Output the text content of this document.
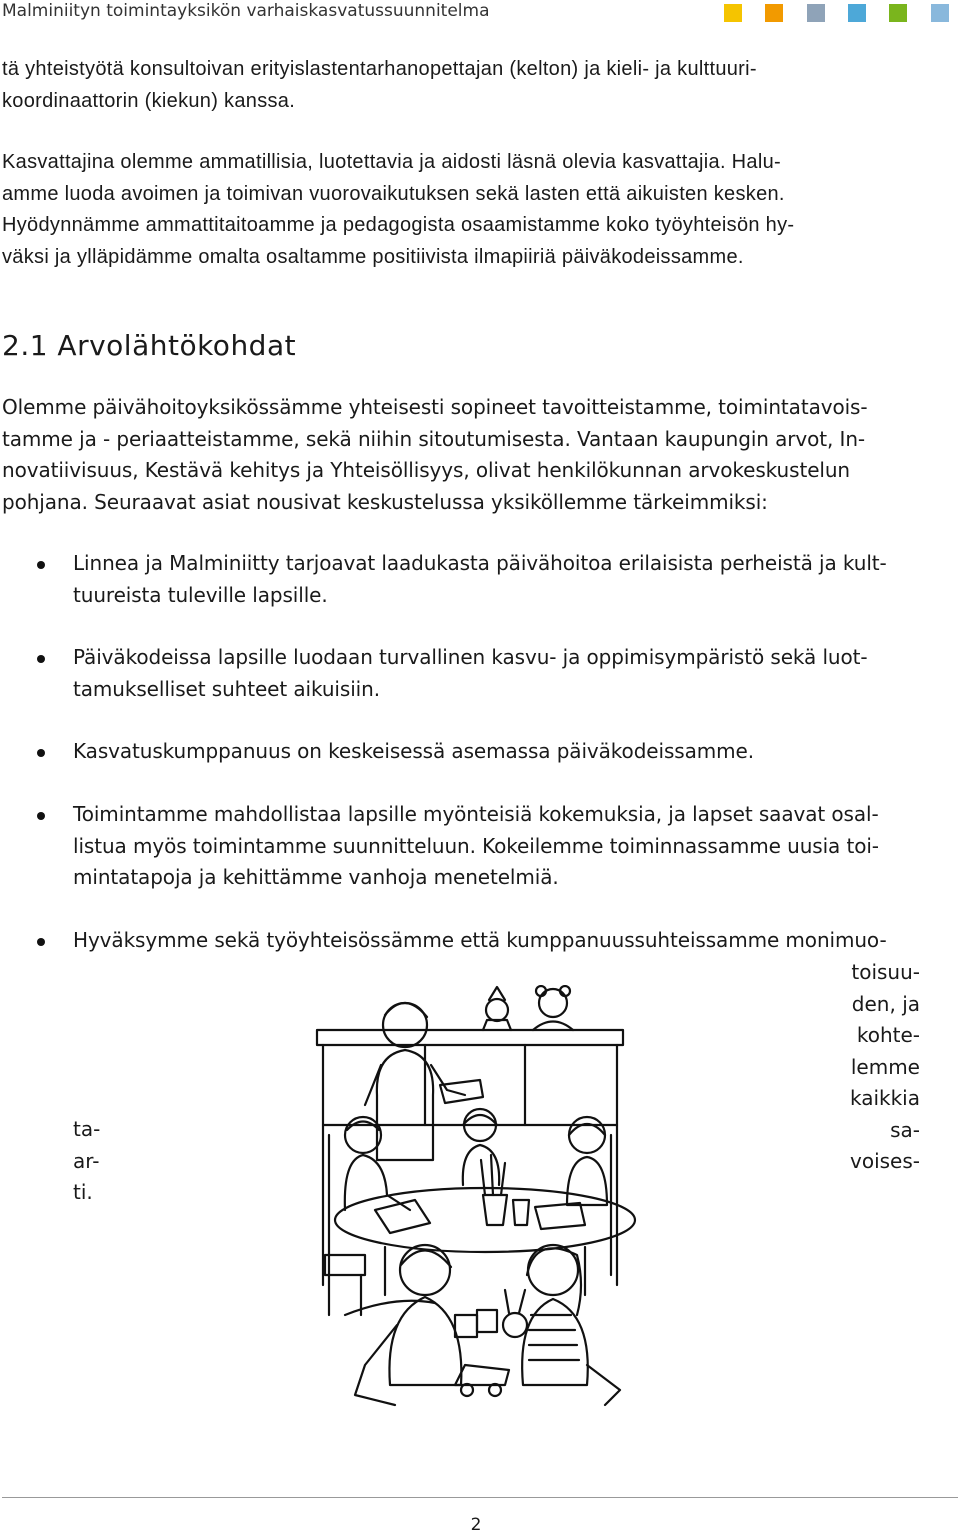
Malminiityn toimintayksikön varhaiskasvatussuunnitelma

tä yhteistyötä konsultoivan erityislastentarhanopettajan (kelton) ja kieli- ja kulttuuri-

koordinaattorin (kiekun) kanssa.

Kasvattajina olemme ammatillisia, luotettavia ja aidosti läsnä olevia kasvattajia. Halu-

amme luoda avoimen ja toimivan vuorovaikutuksen sekä lasten että aikuisten kesken.

Hyödynnämme ammattitaitoamme ja pedagogista osaamistamme koko työyhteisön hy-

väksi ja ylläpidämme omalta osaltamme positiivista ilmapiiriä päiväkodeissamme.

2.1 Arvolähtökohdat

Olemme päivähoitoyksikössämme yhteisesti sopineet tavoitteistamme, toimintatavois-

tamme ja - periaatteistamme, sekä niihin sitoutumisesta. Vantaan kaupungin arvot, In-

novatiivisuus, Kestävä kehitys ja Yhteisöllisyys, olivat henkilökunnan arvokeskustelun

pohjana. Seuraavat asiat nousivat keskustelussa yksiköllemme tärkeimmiksi:

Linnea ja Malminiitty tarjoavat laadukasta päivähoitoa erilaisista perheistä ja kult-
tuureista tuleville lapsille.
Päiväkodeissa lapsille luodaan turvallinen kasvu- ja oppimisympäristö sekä luot-
tamukselliset suhteet aikuisiin.
Kasvatuskumppanuus on keskeisessä asemassa päiväkodeissamme.
Toimintamme mahdollistaa lapsille myönteisiä kokemuksia, ja lapset saavat osal-
listua myös toimintamme suunnitteluun. Kokeilemme toiminnassamme uusia toi-
mintatapoja ja kehittämme vanhoja menetelmiä.
Hyväksymme sekä työyhteisössämme että kumppanuussuhteissamme monimuo-
toisuu-
den, ja
kohte-
lemme
kaikkia
sa-
voises-
ta-
ar-
ti.
2
